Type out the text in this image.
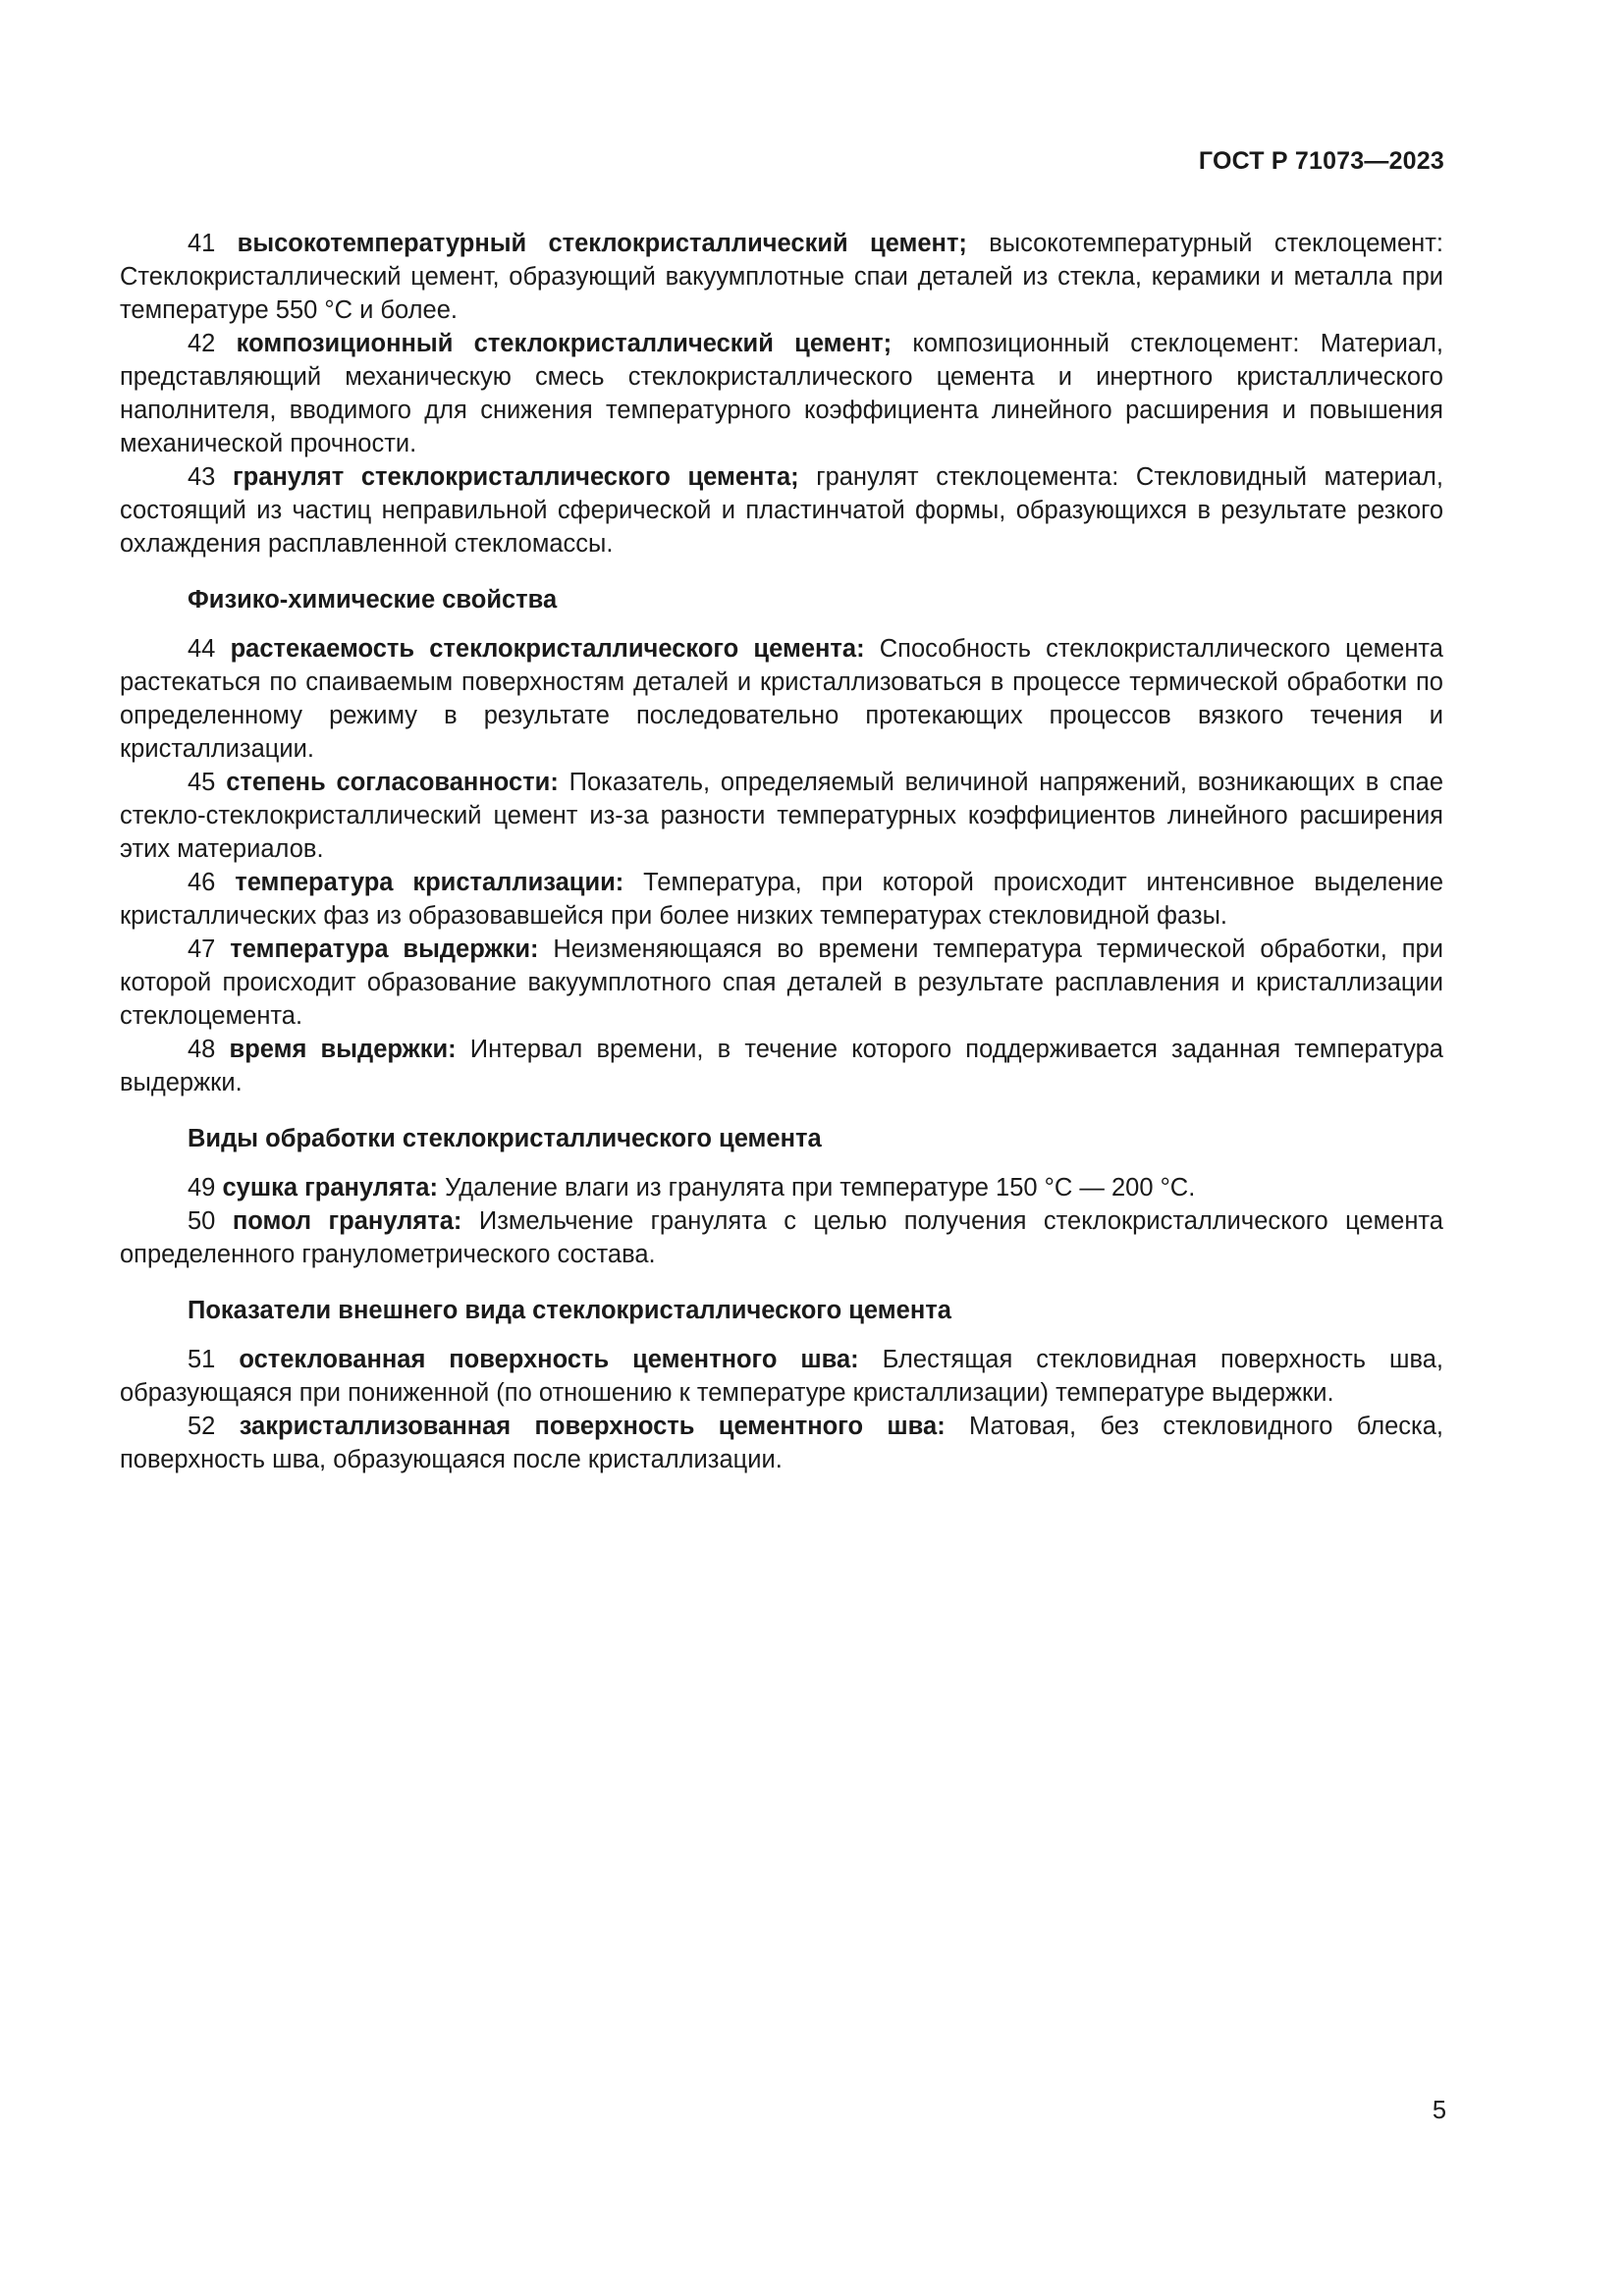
ГОСТ Р 71073—2023

41 высокотемпературный стеклокристаллический цемент; высокотемпературный стеклоцемент: Стеклокристаллический цемент, образующий вакуумплотные спаи деталей из стекла, керамики и металла при температуре 550 °С и более.

42 композиционный стеклокристаллический цемент; композиционный стеклоцемент: Материал, представляющий механическую смесь стеклокристаллического цемента и инертного кристаллического наполнителя, вводимого для снижения температурного коэффициента линейного расширения и повышения механической прочности.

43 гранулят стеклокристаллического цемента; гранулят стеклоцемента: Стекловидный материал, состоящий из частиц неправильной сферической и пластинчатой формы, образующихся в результате резкого охлаждения расплавленной стекломассы.

Физико-химические свойства

44 растекаемость стеклокристаллического цемента: Способность стеклокристаллического цемента растекаться по спаиваемым поверхностям деталей и кристаллизоваться в процессе термической обработки по определенному режиму в результате последовательно протекающих процессов вязкого течения и кристаллизации.

45 степень согласованности: Показатель, определяемый величиной напряжений, возникающих в спае стекло-стеклокристаллический цемент из-за разности температурных коэффициентов линейного расширения этих материалов.

46 температура кристаллизации: Температура, при которой происходит интенсивное выделение кристаллических фаз из образовавшейся при более низких температурах стекловидной фазы.

47 температура выдержки: Неизменяющаяся во времени температура термической обработки, при которой происходит образование вакуумплотного спая деталей в результате расплавления и кристаллизации стеклоцемента.

48 время выдержки: Интервал времени, в течение которого поддерживается заданная температура выдержки.

Виды обработки стеклокристаллического цемента

49 сушка гранулята: Удаление влаги из гранулята при температуре 150 °С — 200 °С.

50 помол гранулята: Измельчение гранулята с целью получения стеклокристаллического цемента определенного гранулометрического состава.

Показатели внешнего вида стеклокристаллического цемента

51 остеклованная поверхность цементного шва: Блестящая стекловидная поверхность шва, образующаяся при пониженной (по отношению к температуре кристаллизации) температуре выдержки.

52 закристаллизованная поверхность цементного шва: Матовая, без стекловидного блеска, поверхность шва, образующаяся после кристаллизации.

5
